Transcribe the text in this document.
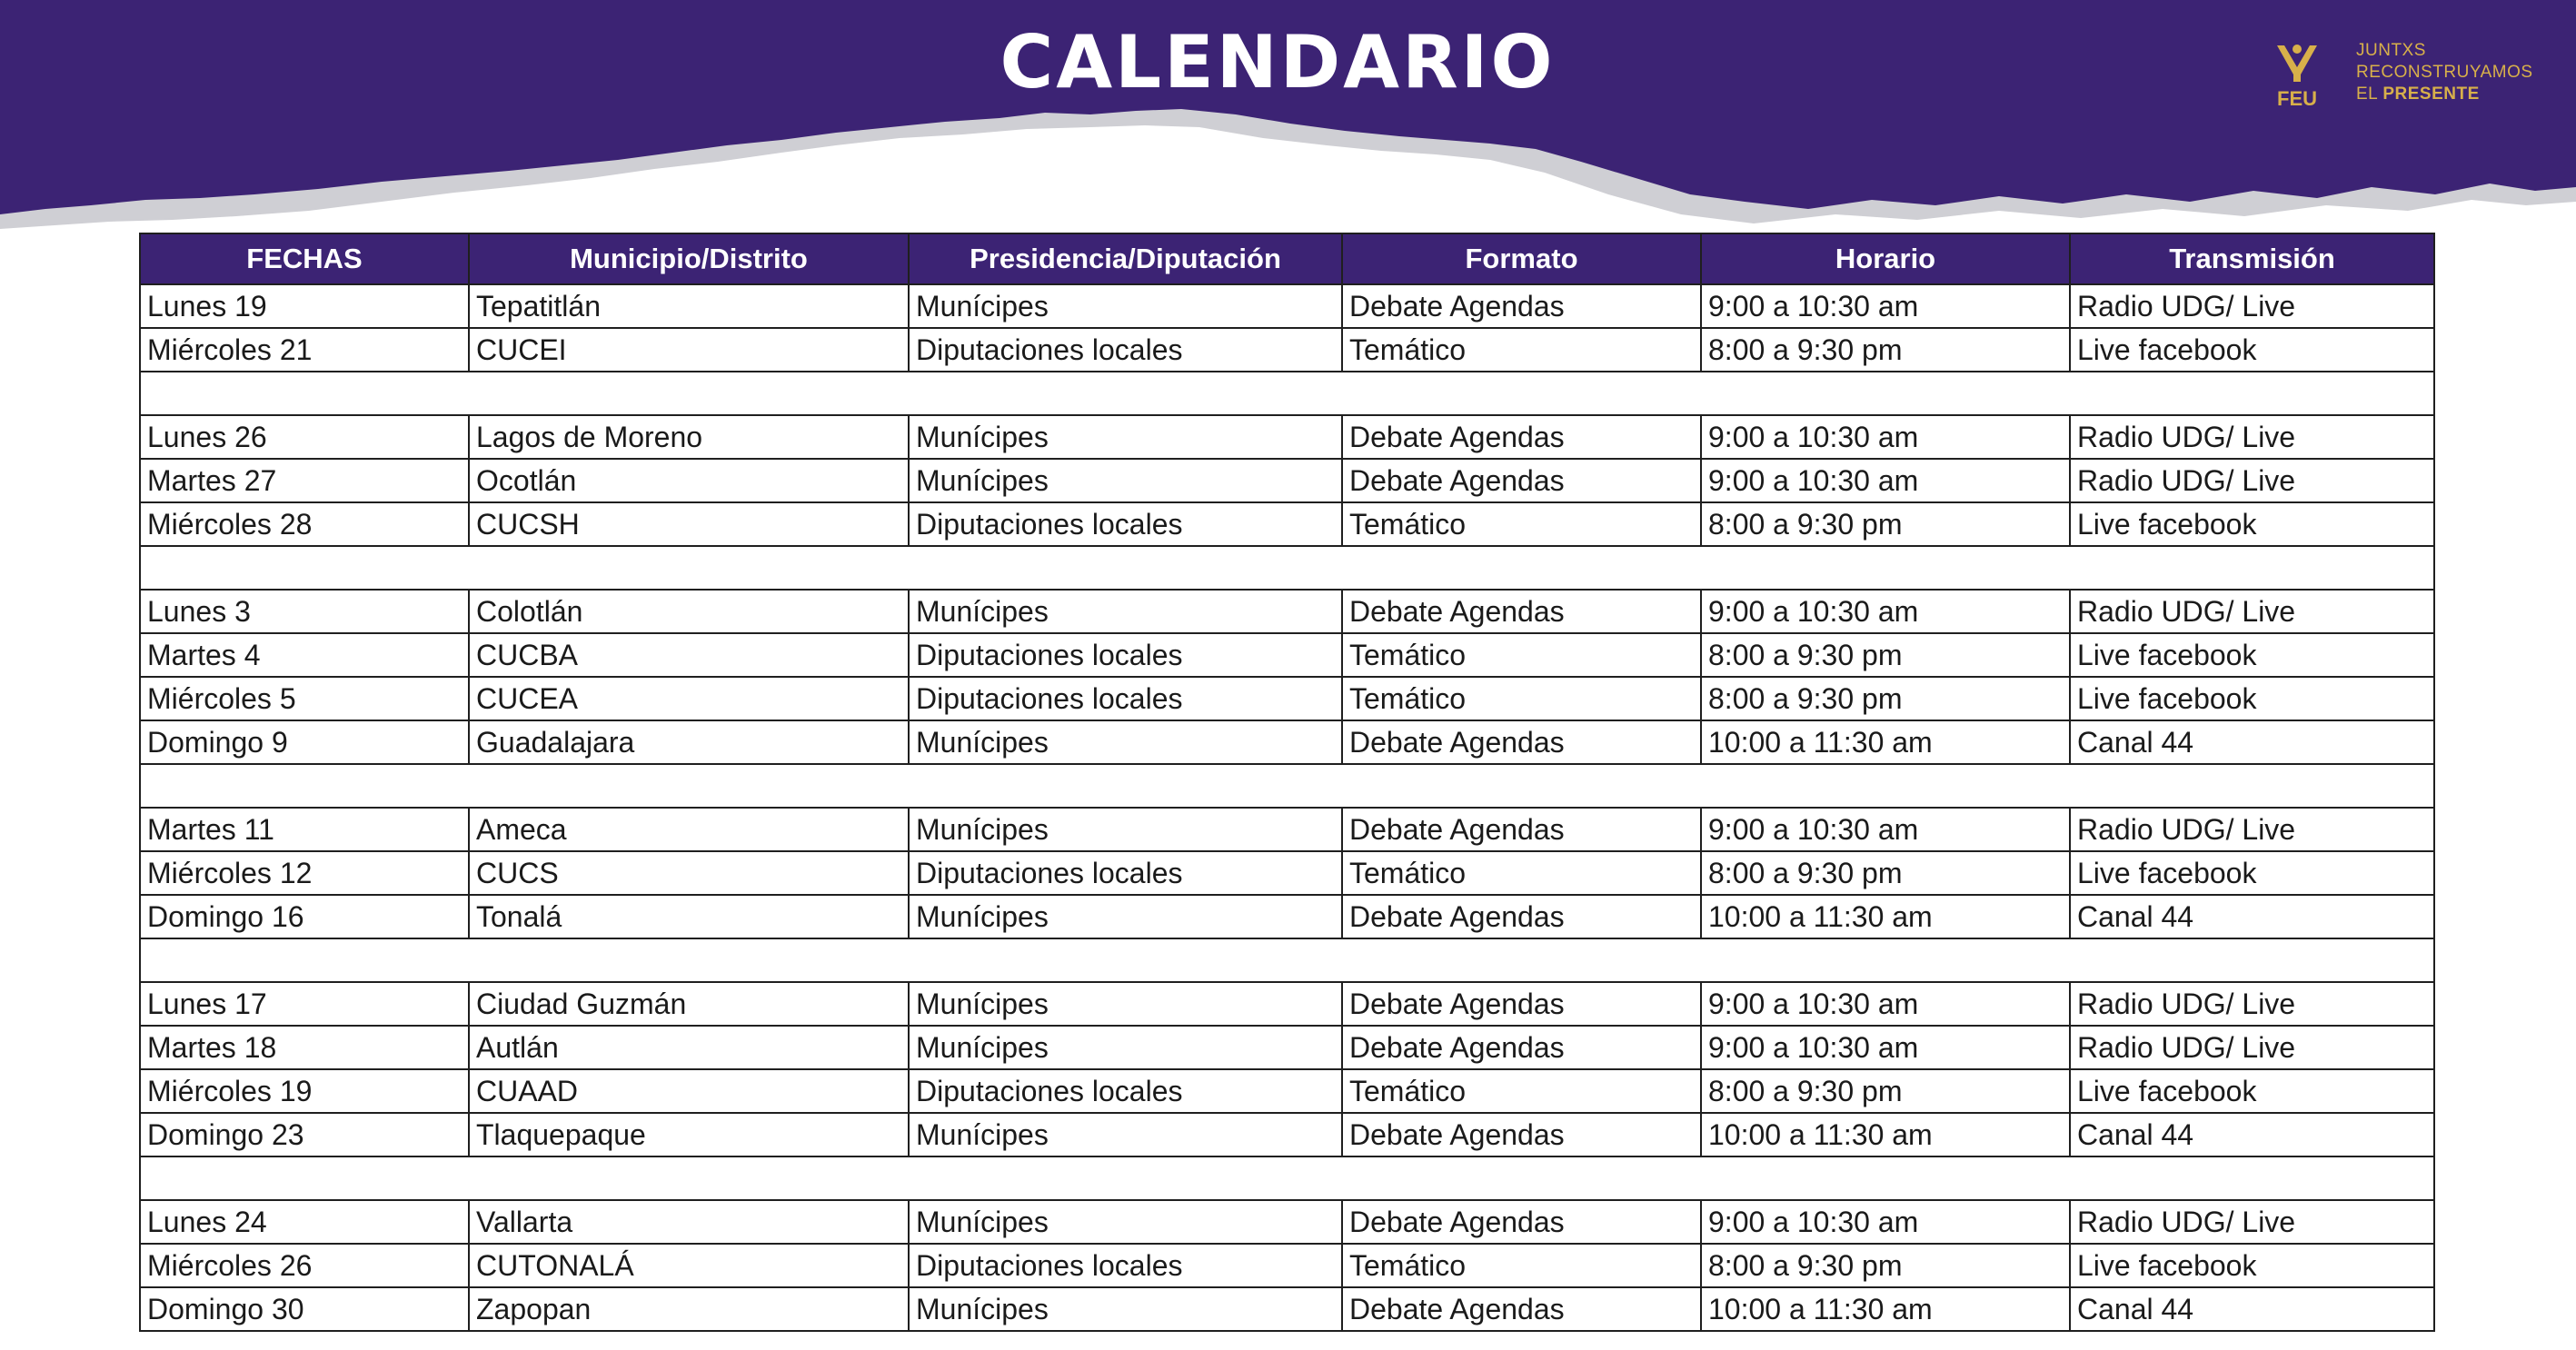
CALENDARIO	FEU
JUNTXS
RECONSTRUYAMOS
EL PRESENTE
FECHAS	Municipio/Distrito	Presidencia/Diputación	Formato	Horario	Transmisión
Lunes 19	Tepatitlán	Munícipes	Debate Agendas	9:00 a 10:30 am	Radio UDG/ Live
Miércoles 21	CUCEI	Diputaciones locales	Temático	8:00 a 9:30 pm	Live facebook

Lunes 26	Lagos de Moreno	Munícipes	Debate Agendas	9:00 a 10:30 am	Radio UDG/ Live
Martes 27	Ocotlán	Munícipes	Debate Agendas	9:00 a 10:30 am	Radio UDG/ Live
Miércoles 28	CUCSH	Diputaciones locales	Temático	8:00 a 9:30 pm	Live facebook

Lunes 3	Colotlán	Munícipes	Debate Agendas	9:00 a 10:30 am	Radio UDG/ Live
Martes 4	CUCBA	Diputaciones locales	Temático	8:00 a 9:30 pm	Live facebook
Miércoles 5	CUCEA	Diputaciones locales	Temático	8:00 a 9:30 pm	Live facebook
Domingo 9	Guadalajara	Munícipes	Debate Agendas	10:00 a 11:30 am	Canal 44

Martes 11	Ameca	Munícipes	Debate Agendas	9:00 a 10:30 am	Radio UDG/ Live
Miércoles 12	CUCS	Diputaciones locales	Temático	8:00 a 9:30 pm	Live facebook
Domingo 16	Tonalá	Munícipes	Debate Agendas	10:00 a 11:30 am	Canal 44

Lunes 17	Ciudad Guzmán	Munícipes	Debate Agendas	9:00 a 10:30 am	Radio UDG/ Live
Martes 18	Autlán	Munícipes	Debate Agendas	9:00 a 10:30 am	Radio UDG/ Live
Miércoles 19	CUAAD	Diputaciones locales	Temático	8:00 a 9:30 pm	Live facebook
Domingo 23	Tlaquepaque	Munícipes	Debate Agendas	10:00 a 11:30 am	Canal 44

Lunes 24	Vallarta	Munícipes	Debate Agendas	9:00 a 10:30 am	Radio UDG/ Live
Miércoles 26	CUTONALÁ	Diputaciones locales	Temático	8:00 a 9:30 pm	Live facebook
Domingo 30	Zapopan	Munícipes	Debate Agendas	10:00 a 11:30 am	Canal 44
